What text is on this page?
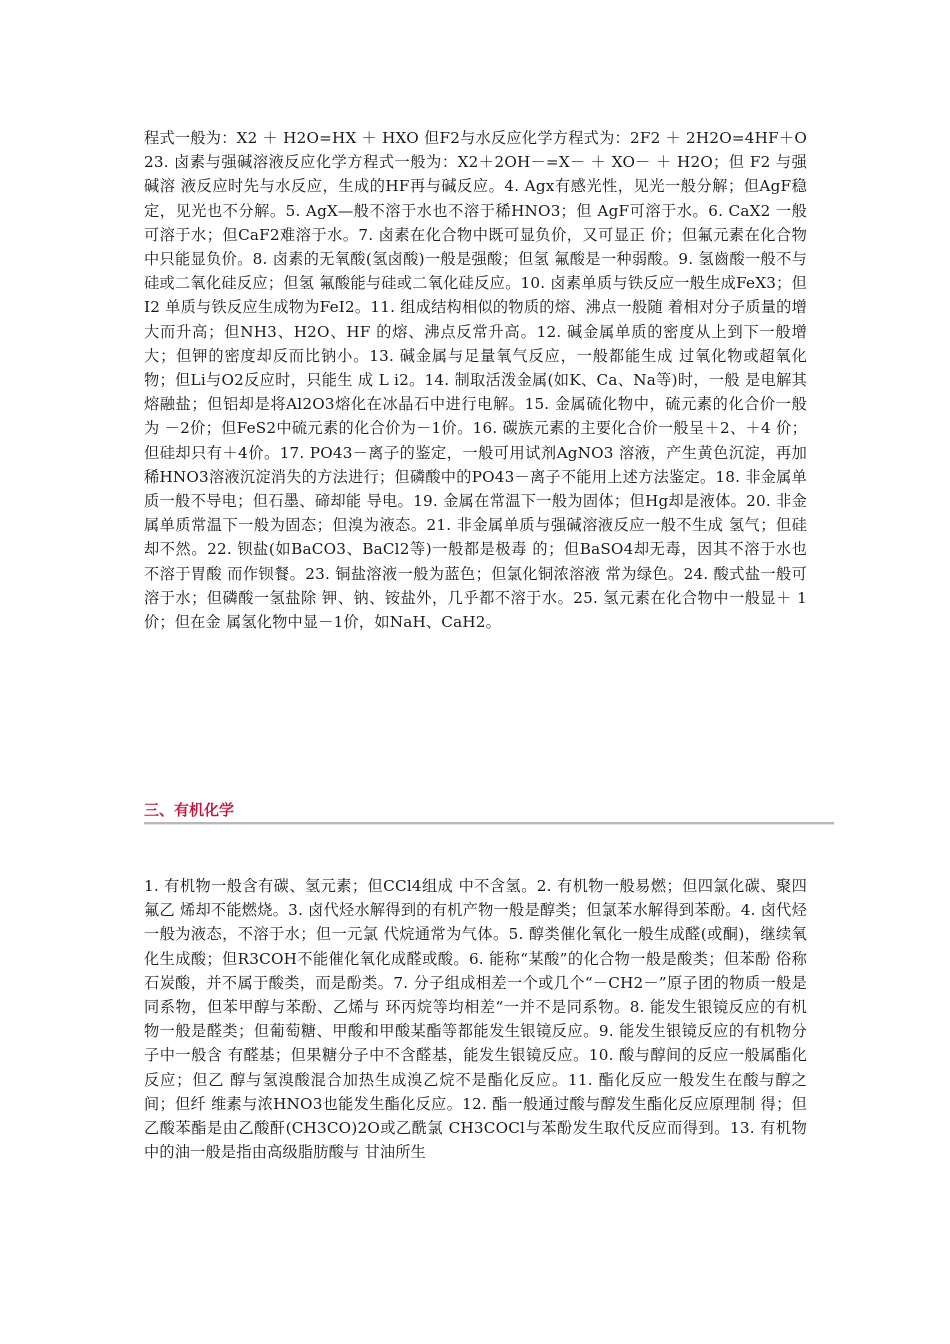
程式一般为：X2 ＋ H2O=HX ＋ HXO 但F2与水反应化学方程式为：2F2 ＋ 2H2O=4HF＋O23. 卤素与强碱溶液反应化学方程式一般为：X2＋2OH－=X－ ＋ XO－ ＋ H2O；但 F2 与强碱溶 液反应时先与水反应，生成的HF再与碱反应。4. Agx有感光性，见光一般分解；但AgF稳 定，见光也不分解。5. AgX—般不溶于水也不溶于稀HNO3；但 AgF可溶于水。6. CaX2 一般可溶于水；但CaF2难溶于水。7. 卤素在化合物中既可显负价，又可显正 价；但氟元素在化合物中只能显负价。8. 卤素的无氧酸(氢卤酸)一般是强酸；但氢 氟酸是一种弱酸。9. 氢齒酸一般不与硅或二氧化硅反应；但氢 氟酸能与硅或二氧化硅反应。10. 卤素单质与铁反应一般生成FeX3；但I2 单质与铁反应生成物为FeI2。11. 组成结构相似的物质的熔、沸点一般随 着相对分子质量的增大而升高；但NH3、H2O、HF 的熔、沸点反常升高。12. 碱金属单质的密度从上到下一般增大；但钾的密度却反而比钠小。13. 碱金属与足量氧气反应，一般都能生成 过氧化物或超氧化物；但Li与O2反应时，只能生 成 L i2。14. 制取活泼金属(如K、Ca、Na等)时，一般 是电解其熔融盐；但铝却是将Al2O3熔化在冰晶石中进行电解。15. 金属硫化物中，硫元素的化合价一般为 －2价；但FeS2中硫元素的化合价为－1价。16. 碳族元素的主要化合价一般呈＋2、＋4 价；但硅却只有＋4价。17. PO43－离子的鉴定，一般可用试剂AgNO3 溶液，产生黄色沉淀，再加稀HNO3溶液沉淀消失的方法进行；但磷酸中的PO43－离子不能用上述方法鉴定。18. 非金属单质一般不导电；但石墨、碲却能 导电。19. 金属在常温下一般为固体；但Hg却是液体。20. 非金属单质常温下一般为固态；但溴为液态。21. 非金属单质与强碱溶液反应一般不生成 氢气；但硅却不然。22. 钡盐(如BaCO3、BaCl2等)一般都是极毒 的；但BaSO4却无毒，因其不溶于水也不溶于胃酸 而作钡餐。23. 铜盐溶液一般为蓝色；但氯化铜浓溶液 常为绿色。24. 酸式盐一般可溶于水；但磷酸一氢盐除 钾、钠、铵盐外，几乎都不溶于水。25. 氢元素在化合物中一般显＋ 1价；但在金 属氢化物中显－1价，如NaH、CaH2。

三、有机化学

1. 有机物一般含有碳、氢元素；但CCl4组成 中不含氢。2. 有机物一般易燃；但四氯化碳、聚四氟乙 烯却不能燃烧。3. 卤代烃水解得到的有机产物一般是醇类；但氯苯水解得到苯酚。4. 卤代烃一般为液态，不溶于水；但一元氯 代烷通常为气体。5. 醇类催化氧化一般生成醛(或酮)，继续氧化生成酸；但R3COH不能催化氧化成醛或酸。6. 能称“某酸”的化合物一般是酸类；但苯酚 俗称石炭酸，并不属于酸类，而是酚类。7. 分子组成相差一个或几个“－CH2－”原子团的物质一般是同系物，但苯甲醇与苯酚、乙烯与 环丙烷等均相差“一并不是同系物。8. 能发生银镜反应的有机物一般是醛类；但葡萄糖、甲酸和甲酸某酯等都能发生银镜反应。9. 能发生银镜反应的有机物分子中一般含 有醛基；但果糖分子中不含醛基，能发生银镜反应。10. 酸与醇间的反应一般属酯化反应；但乙 醇与氢溴酸混合加热生成溴乙烷不是酯化反应。11. 酯化反应一般发生在酸与醇之间；但纤 维素与浓HNO3也能发生酯化反应。12. 酯一般通过酸与醇发生酯化反应原理制 得；但乙酸苯酯是由乙酸酐(CH3CO)2O或乙酰氯 CH3COCl与苯酚发生取代反应而得到。13. 有机物中的油一般是指由高级脂肪酸与 甘油所生
